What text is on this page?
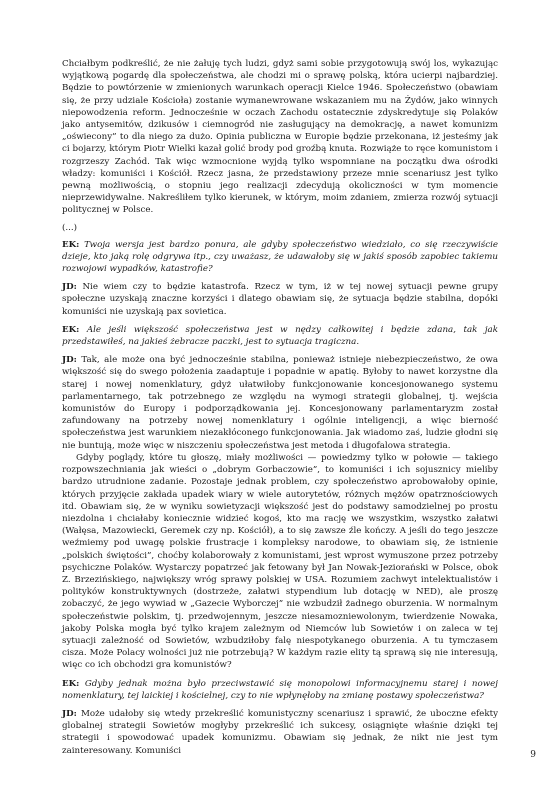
Chciałbym podkreślić, że nie żałuję tych ludzi, gdyż sami sobie przygotowują swój los, wykazując wyjątkową pogardę dla społeczeństwa, ale chodzi mi o sprawę polską, która ucierpi najbardziej. Będzie to powtórzenie w zmienionych warunkach operacji Kielce 1946. Społeczeństwo (obawiam się, że przy udziale Kościoła) zostanie wymanewrowane wskazaniem mu na Żydów, jako winnych niepowodzenia reform. Jednocześnie w oczach Zachodu ostatecznie zdyskredytuje się Polaków jako antysemitów, dzikusów i ciemnogród nie zasługujący na demokrację, a nawet komunizm „oświecony” to dla niego za dużo. Opinia publiczna w Europie będzie przekonana, iż jesteśmy jak ci bojarzy, którym Piotr Wielki kazał golić brody pod groźbą knuta. Rozwiąże to ręce komunistom i rozgrzeszy Zachód. Tak więc wzmocnione wyjdą tylko wspomniane na początku dwa ośrodki władzy: komuniści i Kościół. Rzecz jasna, że przedstawiony przeze mnie scenariusz jest tylko pewną możliwością, o stopniu jego realizacji zdecydują okoliczności w tym momencie nieprzewidywalne. Nakreśliłem tylko kierunek, w którym, moim zdaniem, zmierza rozwój sytuacji politycznej w Polsce.

(...)

EK: Twoja wersja jest bardzo ponura, ale gdyby społeczeństwo wiedziało, co się rzeczywiście dzieje, kto jaką rolę odgrywa itp., czy uważasz, że udawałoby się w jakiś sposób zapobiec takiemu rozwojowi wypadków, katastrofie?

JD: Nie wiem czy to będzie katastrofa. Rzecz w tym, iż w tej nowej sytuacji pewne grupy społeczne uzyskają znaczne korzyści i dlatego obawiam się, że sytuacja będzie stabilna, dopóki komuniści nie uzyskają pax sovietica.

EK: Ale jeśli większość społeczeństwa jest w nędzy całkowitej i będzie zdana, tak jak przedstawiłeś, na jakieś żebracze paczki, jest to sytuacja tragiczna.

JD: Tak, ale może ona być jednocześnie stabilna, ponieważ istnieje niebezpieczeństwo, że owa większość się do swego położenia zaadaptuje i popadnie w apatię. Byłoby to nawet korzystne dla starej i nowej nomenklatury, gdyż ułatwiłoby funkcjonowanie koncesjonowanego systemu parlamentarnego, tak potrzebnego ze względu na wymogi strategii globalnej, tj. wejścia komunistów do Europy i podporządkowania jej. Koncesjonowany parlamentaryzm został zafundowany na potrzeby nowej nomenklatury i ogólnie inteligencji, a więc bierność społeczeństwa jest warunkiem niezakłóconego funkcjonowania. Jak wiadomo zaś, ludzie głodni się nie buntują, może więc w niszczeniu społeczeństwa jest metoda i długofalowa strategia.

Gdyby poglądy, które tu głoszę, miały możliwości — powiedzmy tylko w połowie — takiego rozpowszechniania jak wieści o „dobrym Gorbaczowie”, to komuniści i ich sojusznicy mieliby bardzo utrudnione zadanie. Pozostaje jednak problem, czy społeczeństwo aprobowałoby opinie, których przyjęcie zakłada upadek wiary w wiele autorytetów, różnych mężów opatrznościowych itd. Obawiam się, że w wyniku sowietyzacji większość jest do podstawy samodzielnej po prostu niezdolna i chciałaby koniecznie widzieć kogoś, kto ma rację we wszystkim, wszystko załatwi (Wałęsa, Mazowiecki, Geremek czy np. Kościół), a to się zawsze źle kończy. A jeśli do tego jeszcze weźmiemy pod uwagę polskie frustracje i kompleksy narodowe, to obawiam się, że istnienie „polskich świętości”, choćby kolaborowały z komunistami, jest wprost wymuszone przez potrzeby psychiczne Polaków. Wystarczy popatrzeć jak fetowany był Jan Nowak-Jeziorański w Polsce, obok Z. Brzezińskiego, największy wróg sprawy polskiej w USA. Rozumiem zachwyt intelektualistów i polityków konstruktywnych (dostrzeże, załatwi stypendium lub dotację w NED), ale proszę zobaczyć, że jego wywiad w „Gazecie Wyborczej” nie wzbudził żadnego oburzenia. W normalnym społeczeństwie polskim, tj. przedwojennym, jeszcze niesamozniewolonym, twierdzenie Nowaka, jakoby Polska mogła być tylko krajem zależnym od Niemców lub Sowietów i on zaleca w tej sytuacji zależność od Sowietów, wzbudziłoby falę niespotykanego oburzenia. A tu tymczasem cisza. Może Polacy wolności już nie potrzebują? W każdym razie elity tą sprawą się nie interesują, więc co ich obchodzi gra komunistów?

EK: Gdyby jednak można było przeciwstawić się monopolowi informacyjnemu starej i nowej nomenklatury, tej laickiej i kościelnej, czy to nie wpłynęłoby na zmianę postawy społeczeństwa?

JD: Może udałoby się wtedy przekreślić komunistyczny scenariusz i sprawić, że uboczne efekty globalnej strategii Sowietów mogłyby przekreślić ich sukcesy, osiągnięte właśnie dzięki tej strategii i spowodować upadek komunizmu. Obawiam się jednak, że nikt nie jest tym zainteresowany. Komuniści	9
